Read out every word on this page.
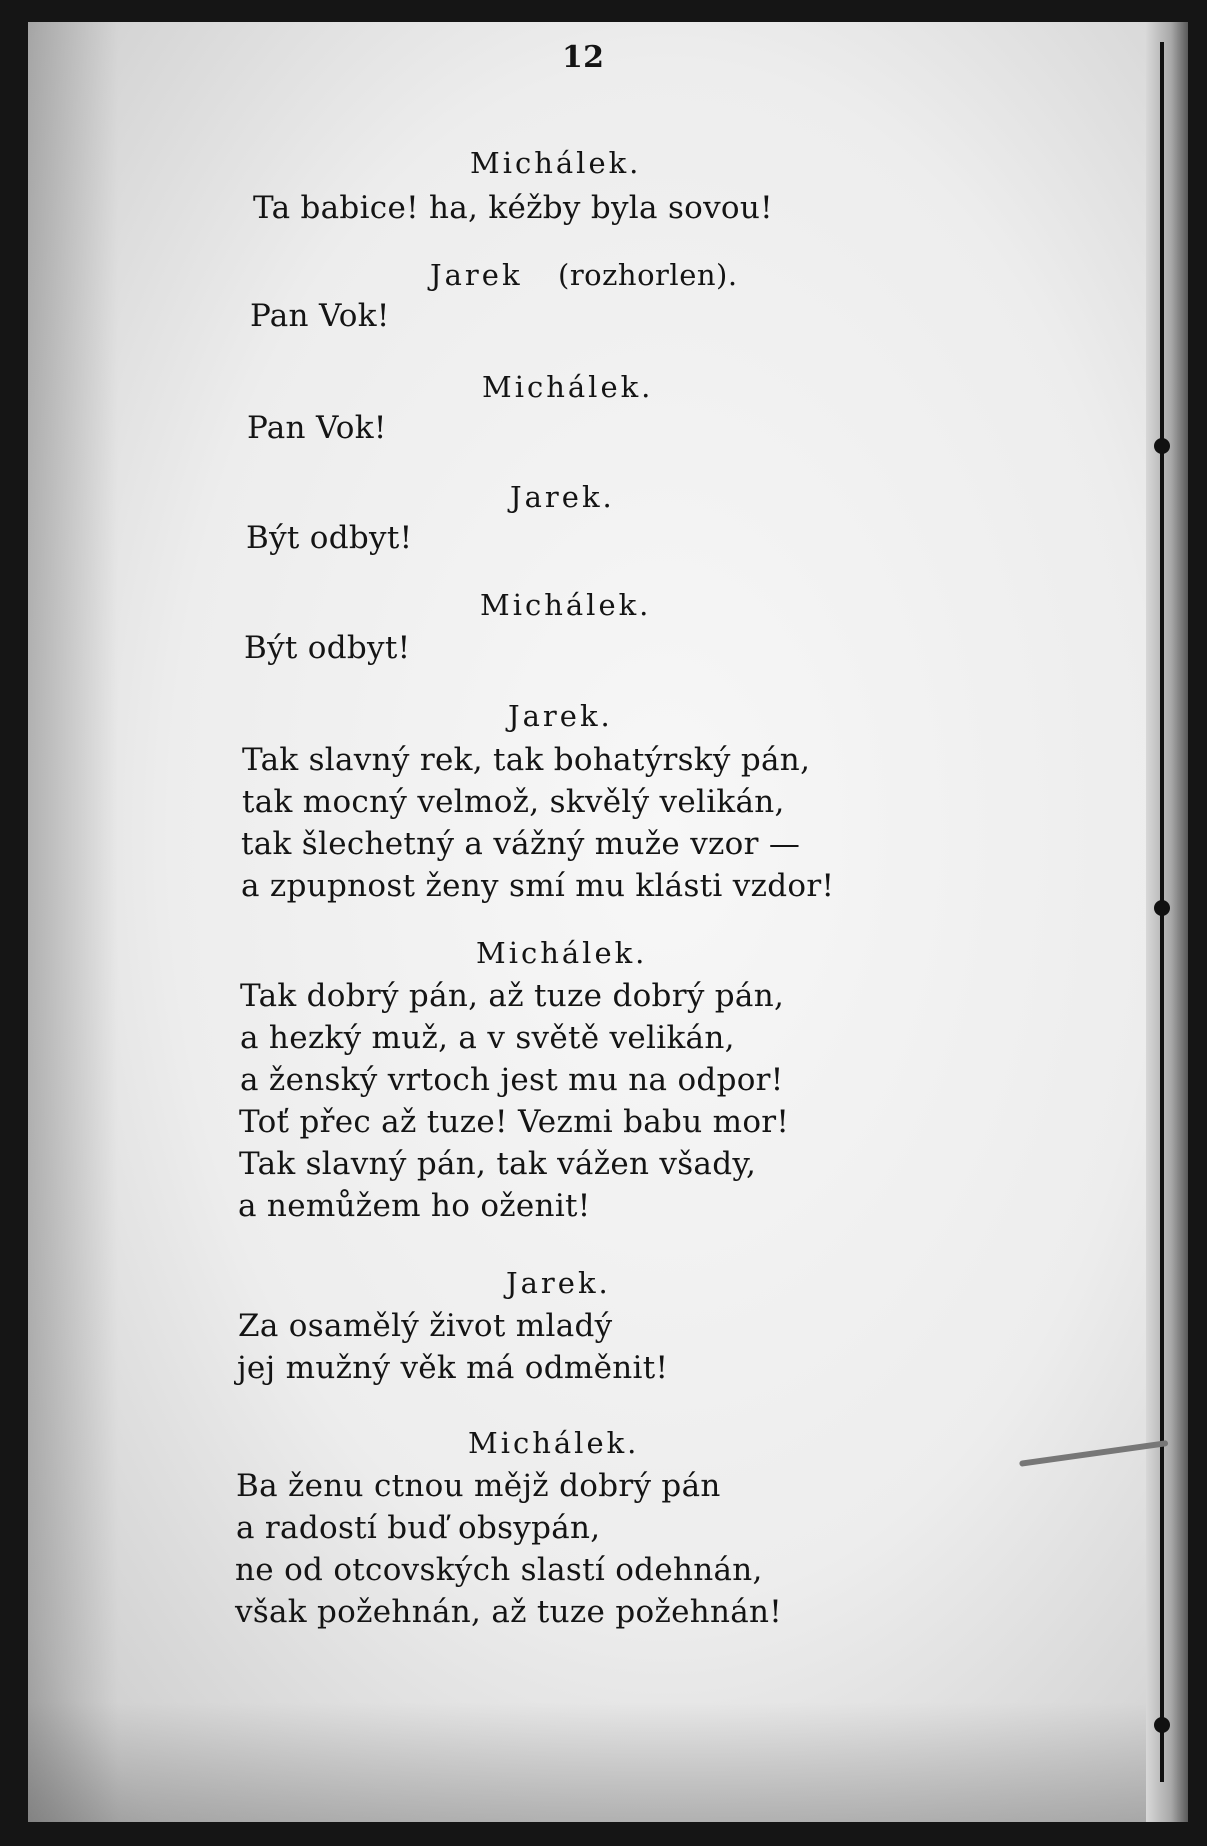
12
Michálek.
Ta babice! ha, kéžby byla sovou!
Jarek (rozhorlen).
Pan Vok!
Michálek.
Pan Vok!
Jarek.
Být odbyt!
Michálek.
Být odbyt!
Jarek.
Tak slavný rek, tak bohatýrský pán,
tak mocný velmož, skvělý velikán,
tak šlechetný a vážný muže vzor —
a zpupnost ženy smí mu klásti vzdor!
Michálek.
Tak dobrý pán, až tuze dobrý pán,
a hezký muž, a v světě velikán,
a ženský vrtoch jest mu na odpor!
Toť přec až tuze! Vezmi babu mor!
Tak slavný pán, tak vážen všady,
a nemůžem ho oženit!
Jarek.
Za osamělý život mladý
jej mužný věk má odměnit!
Michálek.
Ba ženu ctnou mějž dobrý pán
a radostí buď obsypán,
ne od otcovských slastí odehnán,
však požehnán, až tuze požehnán!
